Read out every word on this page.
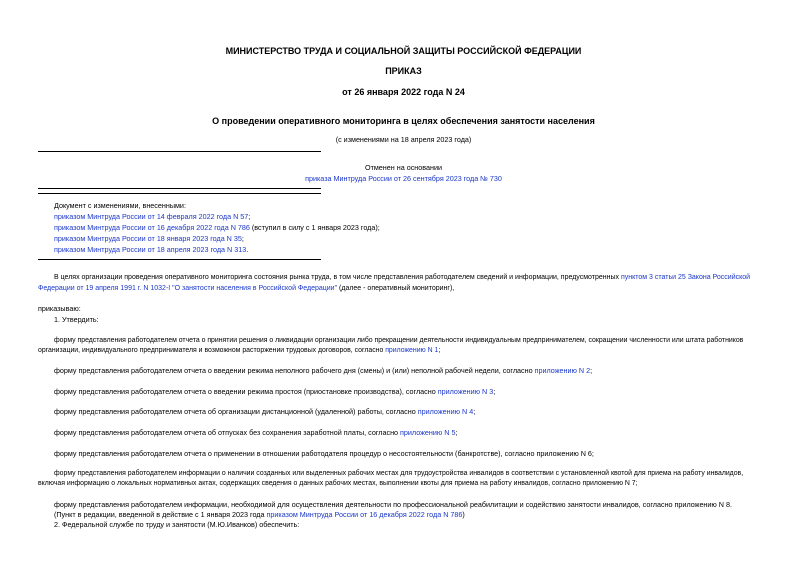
МИНИСТЕРСТВО ТРУДА И СОЦИАЛЬНОЙ ЗАЩИТЫ РОССИЙСКОЙ ФЕДЕРАЦИИ
ПРИКАЗ
от 26 января 2022 года N 24
О проведении оперативного мониторинга в целях обеспечения занятости населения
(с изменениями на 18 апреля 2023 года)
Отменен на основании
приказа Минтруда России от 26 сентября 2023 года № 730
Документ с изменениями, внесенными:
приказом Минтруда России от 14 февраля 2022 года N 57;
приказом Минтруда России от 16 декабря 2022 года N 786 (вступил в силу с 1 января 2023 года);
приказом Минтруда России от 18 января 2023 года N 35;
приказом Минтруда России от 18 апреля 2023 года N 313.
В целях организации проведения оперативного мониторинга состояния рынка труда, в том числе представления работодателем сведений и информации, предусмотренных пунктом 3 статьи 25 Закона Российской
Федерации от 19 апреля 1991 г. N 1032-I "О занятости населения в Российской Федерации" (далее - оперативный мониторинг),
приказываю:
1. Утвердить:
форму представления работодателем отчета о принятии решения о ликвидации организации либо прекращении деятельности индивидуальным предпринимателем, сокращении численности или штата работников
организации, индивидуального предпринимателя и возможном расторжении трудовых договоров, согласно приложению N 1;
форму представления работодателем отчета о введении режима неполного рабочего дня (смены) и (или) неполной рабочей недели, согласно приложению N 2;
форму представления работодателем отчета о введении режима простоя (приостановке производства), согласно приложению N 3;
форму представления работодателем отчета об организации дистанционной (удаленной) работы, согласно приложению N 4;
форму представления работодателем отчета об отпусках без сохранения заработной платы, согласно приложению N 5;
форму представления работодателем отчета о применении в отношении работодателя процедур о несостоятельности (банкротстве), согласно приложению N 6;
форму представления работодателем информации о наличии созданных или выделенных рабочих местах для трудоустройства инвалидов в соответствии с установленной квотой для приема на работу инвалидов,
включая информацию о локальных нормативных актах, содержащих сведения о данных рабочих местах, выполнении квоты для приема на работу инвалидов, согласно приложению N 7;
форму представления работодателем информации, необходимой для осуществления деятельности по профессиональной реабилитации и содействию занятости инвалидов, согласно приложению N 8.
(Пункт в редакции, введенной в действие с 1 января 2023 года приказом Минтруда России от 16 декабря 2022 года N 786)
2. Федеральной службе по труду и занятости (М.Ю.Иванков) обеспечить:
